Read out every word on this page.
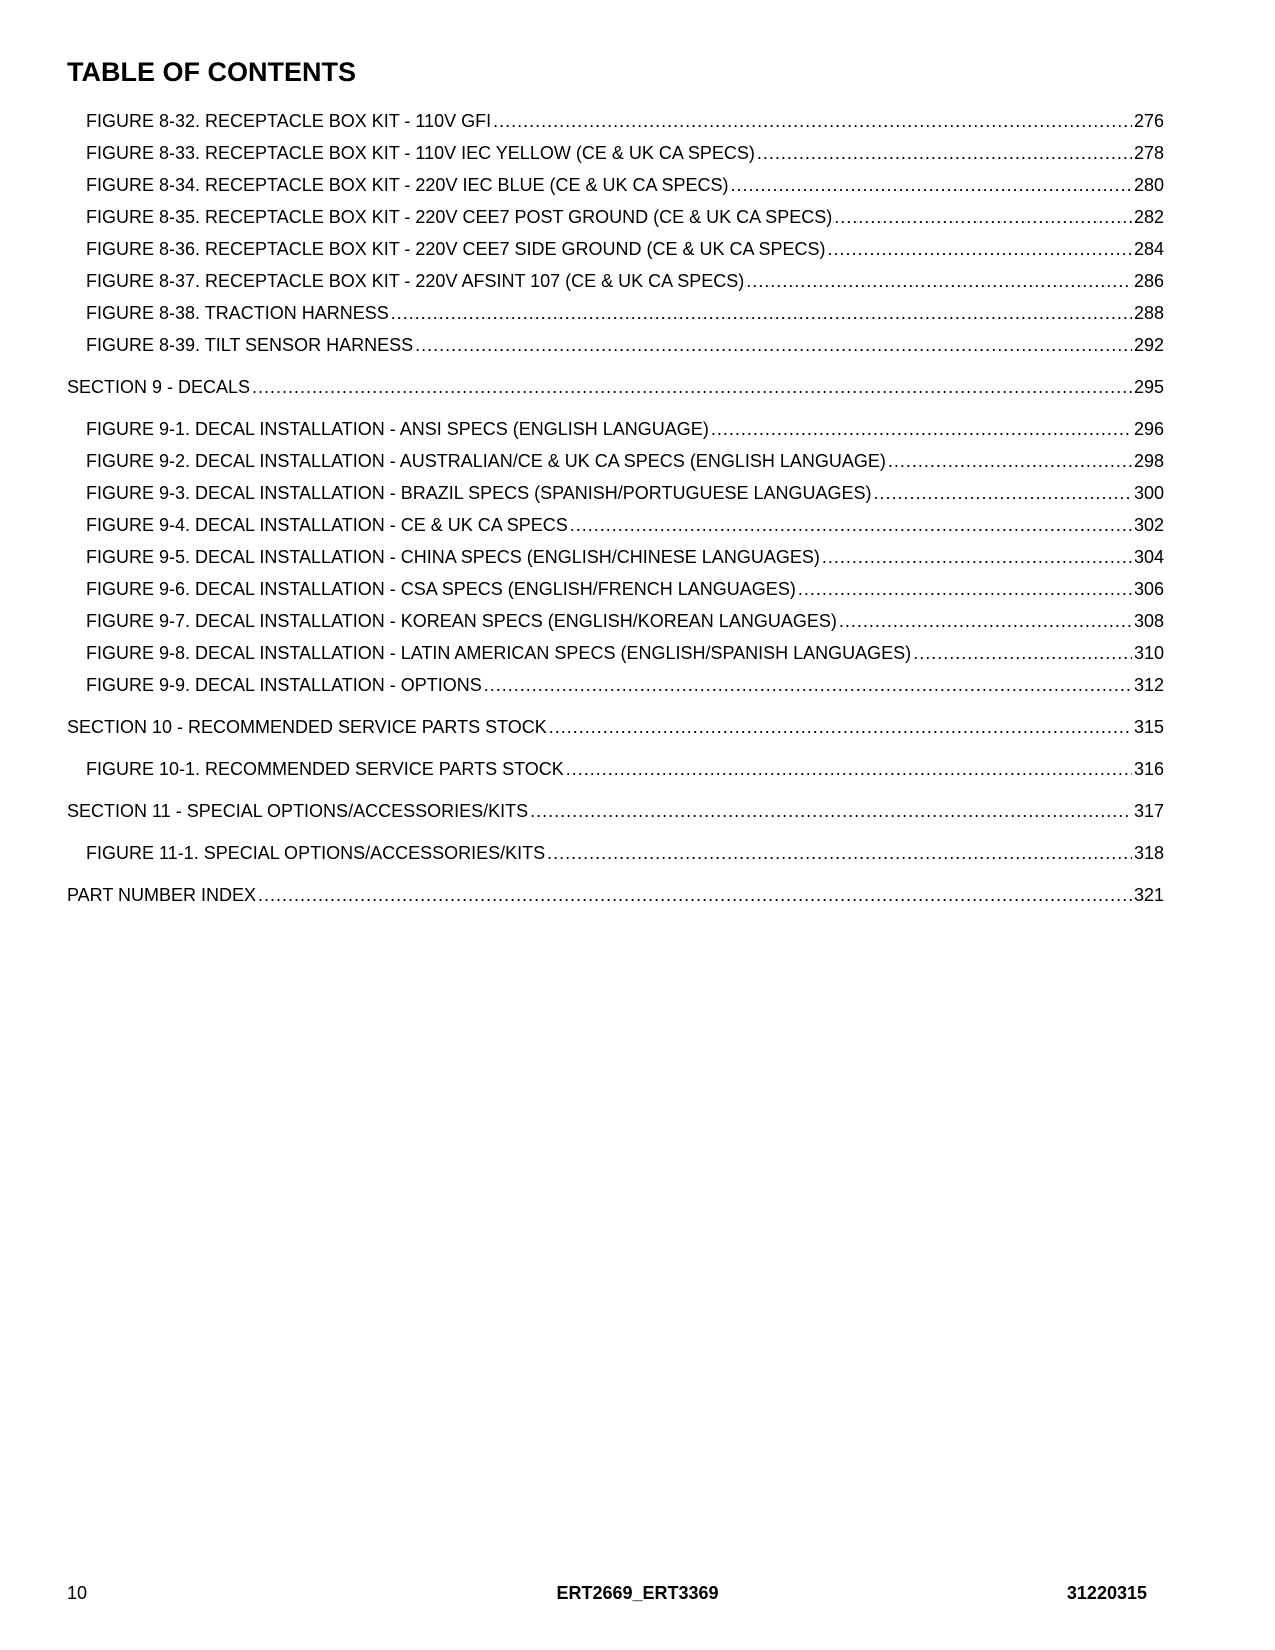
TABLE OF CONTENTS
FIGURE 8-32. RECEPTACLE BOX KIT - 110V GFI .....	276
FIGURE 8-33. RECEPTACLE BOX KIT - 110V IEC YELLOW (CE & UK CA SPECS) .....	278
FIGURE 8-34. RECEPTACLE BOX KIT - 220V IEC BLUE (CE & UK CA SPECS) .....	280
FIGURE 8-35. RECEPTACLE BOX KIT - 220V CEE7 POST GROUND (CE & UK CA SPECS) .....	282
FIGURE 8-36. RECEPTACLE BOX KIT - 220V CEE7 SIDE GROUND (CE & UK CA SPECS) .....	284
FIGURE 8-37. RECEPTACLE BOX KIT - 220V AFSINT 107 (CE & UK CA SPECS) .....	286
FIGURE 8-38. TRACTION HARNESS .....	288
FIGURE 8-39. TILT SENSOR HARNESS .....	292
SECTION 9 - DECALS .....	295
FIGURE 9-1. DECAL INSTALLATION - ANSI SPECS (ENGLISH LANGUAGE) .....	296
FIGURE 9-2. DECAL INSTALLATION - AUSTRALIAN/CE & UK CA SPECS (ENGLISH LANGUAGE) .....	298
FIGURE 9-3. DECAL INSTALLATION - BRAZIL SPECS (SPANISH/PORTUGUESE LANGUAGES) .....	300
FIGURE 9-4. DECAL INSTALLATION - CE & UK CA SPECS .....	302
FIGURE 9-5. DECAL INSTALLATION - CHINA SPECS (ENGLISH/CHINESE LANGUAGES) .....	304
FIGURE 9-6. DECAL INSTALLATION - CSA SPECS (ENGLISH/FRENCH LANGUAGES) .....	306
FIGURE 9-7. DECAL INSTALLATION - KOREAN SPECS (ENGLISH/KOREAN LANGUAGES) .....	308
FIGURE 9-8. DECAL INSTALLATION - LATIN AMERICAN SPECS (ENGLISH/SPANISH LANGUAGES) .....	310
FIGURE 9-9. DECAL INSTALLATION - OPTIONS .....	312
SECTION 10 - RECOMMENDED SERVICE PARTS STOCK .....	315
FIGURE 10-1. RECOMMENDED SERVICE PARTS STOCK .....	316
SECTION 11 - SPECIAL OPTIONS/ACCESSORIES/KITS .....	317
FIGURE 11-1. SPECIAL OPTIONS/ACCESSORIES/KITS .....	318
PART NUMBER INDEX .....	321
10	ERT2669_ERT3369	31220315
